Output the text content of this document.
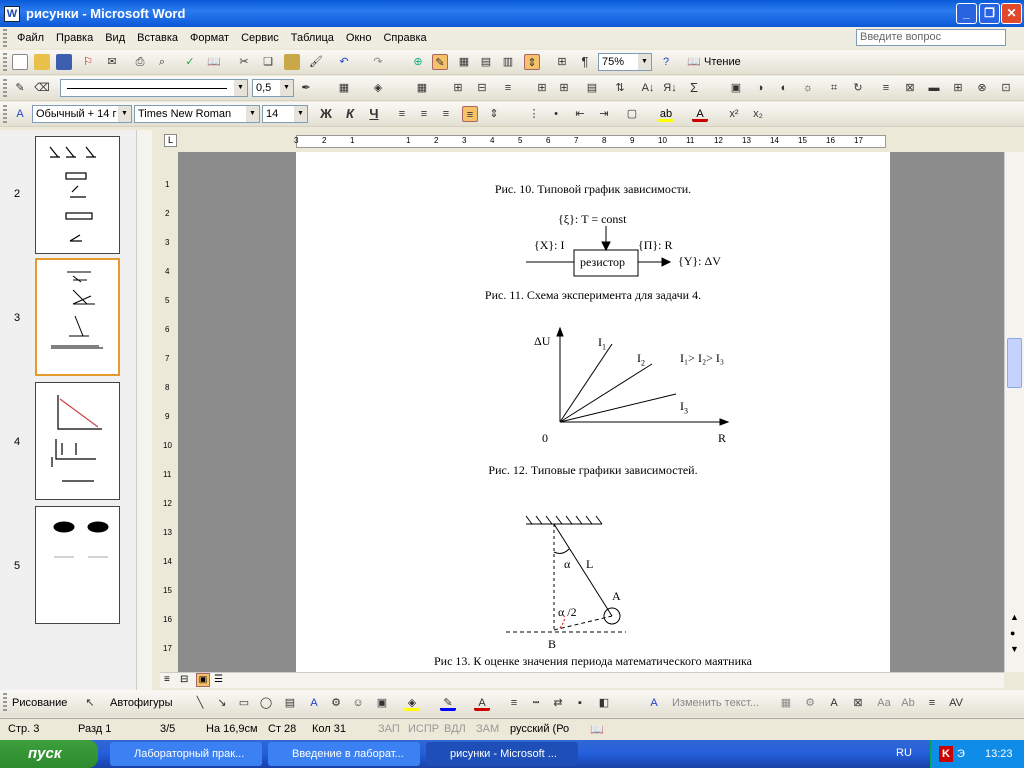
W рисунки - Microsoft Word	_	❐ ✕
Файл	Правка	Вид	Вставка	Формат	Сервис	Таблица	Окно	Справка	Введите вопрос
⚐	✉	⎙	⌕	✓	📖	✂	❏	🖌	↶	↷	⊕	✎	▦ ▤ ▥	⇕	⊞	¶	75%	▼	?	📖 Чтение
✎ ⌫	▼	0,5	▼	✒	▦	◈	▦	⊞	⊟	≡	⊞	⊞	▤	⇅	A↓ Я↓	Σ	▣	◑	◐	☼	⌗	↻	≡	⊠	▬	⊞	⊗	⊡
A	Обычный + 14 г ▼ Times New Roman	▼ 14	▼ Ж	К	Ч	≡	≡	≡	≡	⇕	⋮	•	⇤	⇥	▢ ab	A	x²	x₂
2
3
4
5
3	2	1	1	2	3	4	5	6	7	8	9	10 11 12 13 14 15 16 17
L
1
2
3
4
5
6
7
8
9
10
11
12
13
14
15
16
17
Рис. 10. Типовой график зависимости.
{ξ}: T = const
{X}: I	{П}: R
резистор	{Y}: ΔV
Рис. 11. Схема эксперимента для задачи 4.
ΔU	$I_1$
$I_2$	I₁> I₂> I₃
$I_3$
0	R
Рис. 12. Типовые графики зависимостей.
α L
A
α /2
B
Рис 13. К оценке значения периода математического маятника
▲
●
▼
≡ ⊟	▣ ☰
Рисование	↖	Автофигуры	╲	↘	▭ ◯ ▤	A	⚙ ☺ ▣	◈	✎	A	≡	┅	⇄	▪	◧	A	Изменить текст... ▦ ⚙	A	⊠	Aa Ab	≡	AV
Стр. 3	Разд 1	3/5	На 16,9см Ст 28 Кол 31	ЗАП ИСПР ВДЛ ЗАМ русский (Ро 📖
пуск	Лабораторный прак...	Введение в лаборат...	рисунки - Microsoft ...	RU	K Э 13:23
